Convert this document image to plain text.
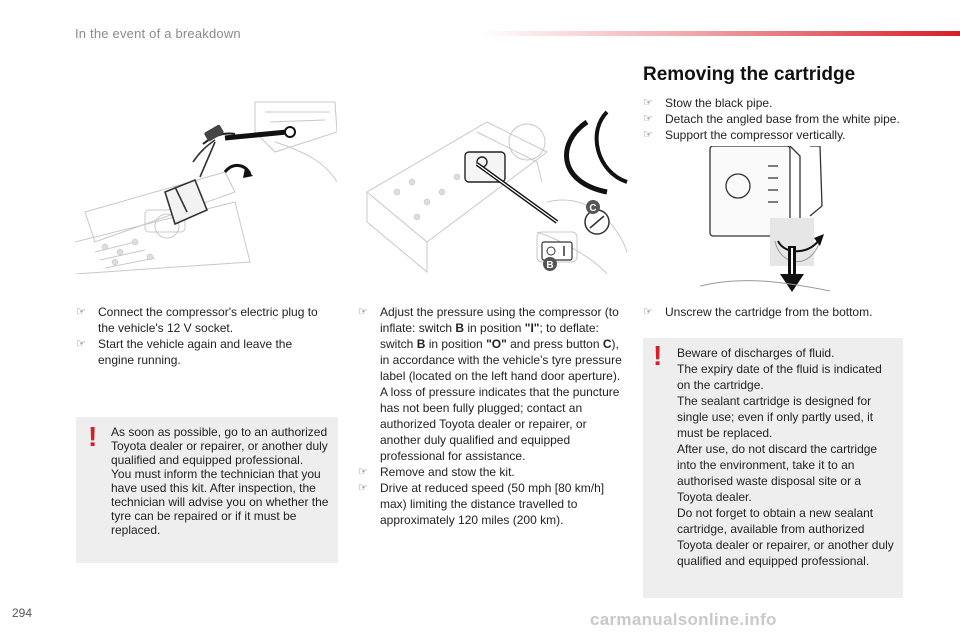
In the event of a breakdown
C
B

☞ Connect the compressor's electric plug to the vehicle's 12 V socket.

☞ Start the vehicle again and leave the engine running.

! As soon as possible, go to an authorized Toyota dealer or repairer, or another duly qualified and equipped professional.
You must inform the technician that you have used this kit. After inspection, the technician will advise you on whether the tyre can be repaired or if it must be replaced.

☞ Adjust the pressure using the compressor (to inflate: switch B in position "I"; to deflate: switch B in position "O" and press button C), in accordance with the vehicle's tyre pressure label (located on the left hand door aperture).
A loss of pressure indicates that the puncture has not been fully plugged; contact an authorized Toyota dealer or repairer, or another duly qualified and equipped professional for assistance.

☞ Remove and stow the kit.

☞ Drive at reduced speed (50 mph [80 km/h] max) limiting the distance travelled to approximately 120 miles (200 km).

Removing the cartridge

☞ Stow the black pipe.

☞ Detach the angled base from the white pipe.

☞ Support the compressor vertically.

☞ Unscrew the cartridge from the bottom.

! Beware of discharges of fluid.
The expiry date of the fluid is indicated on the cartridge.
The sealant cartridge is designed for single use; even if only partly used, it must be replaced.
After use, do not discard the cartridge into the environment, take it to an authorised waste disposal site or a Toyota dealer.
Do not forget to obtain a new sealant cartridge, available from authorized Toyota dealer or repairer, or another duly qualified and equipped professional.
294	carmanualsonline.info
